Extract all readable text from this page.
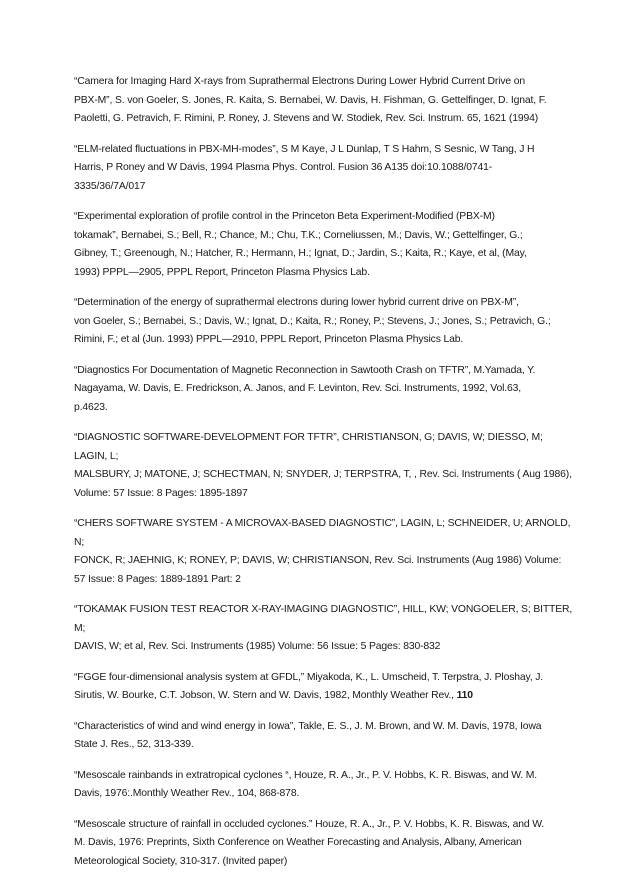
“Camera for Imaging Hard X-rays from Suprathermal Electrons During Lower Hybrid Current Drive on

PBX-M”, S. von Goeler, S. Jones, R. Kaita, S. Bernabei, W. Davis, H. Fishman, G. Gettelfinger, D. Ignat, F.

Paoletti, G. Petravich, F. Rimini, P. Roney, J. Stevens and W. Stodiek, Rev. Sci. Instrum. 65, 1621 (1994)

“ELM-related fluctuations in PBX-MH-modes”, S M Kaye, J L Dunlap, T S Hahm, S Sesnic, W Tang, J H

Harris, P Roney and W Davis, 1994 Plasma Phys. Control. Fusion 36 A135 doi:10.1088/0741-

3335/36/7A/017

“Experimental exploration of profile control in the Princeton Beta Experiment-Modified (PBX-M)

tokamak”, Bernabei, S.; Bell, R.; Chance, M.; Chu, T.K.; Corneliussen, M.; Davis, W.; Gettelfinger, G.;

Gibney, T.; Greenough, N.; Hatcher, R.; Hermann, H.; Ignat, D.; Jardin, S.; Kaita, R.; Kaye, et al, (May,

1993) PPPL—2905, PPPL Report, Princeton Plasma Physics Lab.

“Determination of the energy of suprathermal electrons during lower hybrid current drive on PBX-M”,

von Goeler, S.; Bernabei, S.; Davis, W.; Ignat, D.; Kaita, R.; Roney, P.; Stevens, J.; Jones, S.; Petravich, G.;

Rimini, F.; et al (Jun. 1993) PPPL—2910, PPPL Report, Princeton Plasma Physics Lab.

“Diagnostics For Documentation of Magnetic Reconnection in Sawtooth Crash on TFTR”, M.Yamada, Y.

Nagayama, W. Davis, E. Fredrickson, A. Janos, and F. Levinton, Rev. Sci. Instruments, 1992, Vol.63,

p.4623.

“DIAGNOSTIC SOFTWARE-DEVELOPMENT FOR TFTR”, CHRISTIANSON, G; DAVIS, W; DIESSO, M; LAGIN, L;

MALSBURY, J; MATONE, J; SCHECTMAN, N; SNYDER, J; TERPSTRA, T, , Rev. Sci. Instruments ( Aug 1986),

Volume: 57 Issue: 8 Pages: 1895-1897

“CHERS SOFTWARE SYSTEM - A MICROVAX-BASED DIAGNOSTIC”, LAGIN, L; SCHNEIDER, U; ARNOLD, N;

FONCK, R; JAEHNIG, K; RONEY, P; DAVIS, W; CHRISTIANSON, Rev. Sci. Instruments (Aug 1986) Volume:

57 Issue: 8 Pages: 1889-1891 Part: 2

“TOKAMAK FUSION TEST REACTOR X-RAY-IMAGING DIAGNOSTIC”, HILL, KW; VONGOELER, S; BITTER, M;

DAVIS, W; et al, Rev. Sci. Instruments (1985) Volume: 56 Issue: 5 Pages: 830-832

“FGGE four-dimensional analysis system at GFDL,” Miyakoda, K., L. Umscheid, T. Terpstra, J. Ploshay, J.

Sirutis, W. Bourke, C.T. Jobson, W. Stern and W. Davis, 1982, Monthly Weather Rev., 110

“Characteristics of wind and wind energy in Iowa”, Takle, E. S., J. M. Brown, and W. M. Davis, 1978, Iowa

State J. Res., 52, 313-339.

“Mesoscale rainbands in extratropical cyclones “, Houze, R. A., Jr., P. V. Hobbs, K. R. Biswas, and W. M.

Davis, 1976:.Monthly Weather Rev., 104, 868-878.

“Mesoscale structure of rainfall in occluded cyclones.” Houze, R. A., Jr., P. V. Hobbs, K. R. Biswas, and W.

M. Davis, 1976: Preprints, Sixth Conference on Weather Forecasting and Analysis, Albany, American

Meteorological Society, 310-317. (Invited paper)
